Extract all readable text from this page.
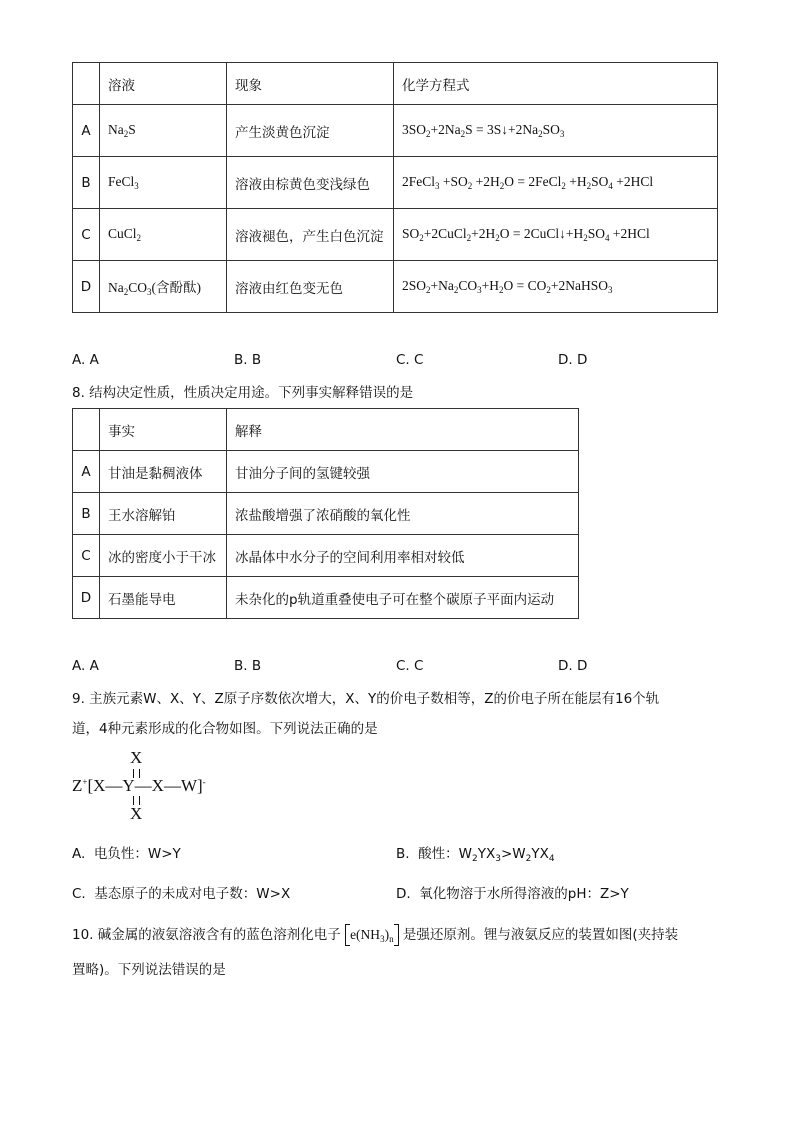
	溶液	现象	化学方程式
A	$Na_2S$	产生淡黄色沉淀	$3SO_2+2Na_2S$ = $3S↓+2Na_2SO_3$
B	FeCl$_3$	溶液由棕黄色变浅绿色	2FeCl$_3$ $+SO_2 +2H_2O$ = 2FeCl$_2$ $+H_2SO_4 +2HCl$
C	CuCl$_2$	溶液褪色，产生白色沉淀	$SO_2+2CuCl_2+2H_2O$ = $2CuCl↓+H_2SO_4 +2HCl$
D	$Na_2CO_3$(含酚酞)	溶液由红色变无色	$2SO_2+Na_2CO_3+H_2O$ = $CO_2+2NaHSO_3$
A. A	B. B	C. C	D. D
8. 结构决定性质，性质决定用途。下列事实解释错误的是
	事实	解释
A	甘油是黏稠液体	甘油分子间的氢键较强
B	王水溶解铂	浓盐酸增强了浓硝酸的氧化性
C	冰的密度小于干冰	冰晶体中水分子的空间利用率相对较低
D	石墨能导电	未杂化的p轨道重叠使电子可在整个碳原子平面内运动
A. A	B. B	C. C	D. D
9. 主族元素W、X、Y、Z原子序数依次增大，X、Y的价电子数相等，Z的价电子所在能层有16个轨
道，4种元素形成的化合物如图。下列说法正确的是
X
Z+[X—Y—X—W]-
X
A. 电负性：W>Y	B. 酸性：$W_2YX_3>W_2YX_4$
C. 基态原子的未成对电子数：W>X	D. 氧化物溶于水所得溶液的pH：Z>Y
10. 碱金属的液氨溶液含有的蓝色溶剂化电子 $e(NH_3)_n$ 是强还原剂。锂与液氨反应的装置如图(夹持装
置略)。下列说法错误的是
